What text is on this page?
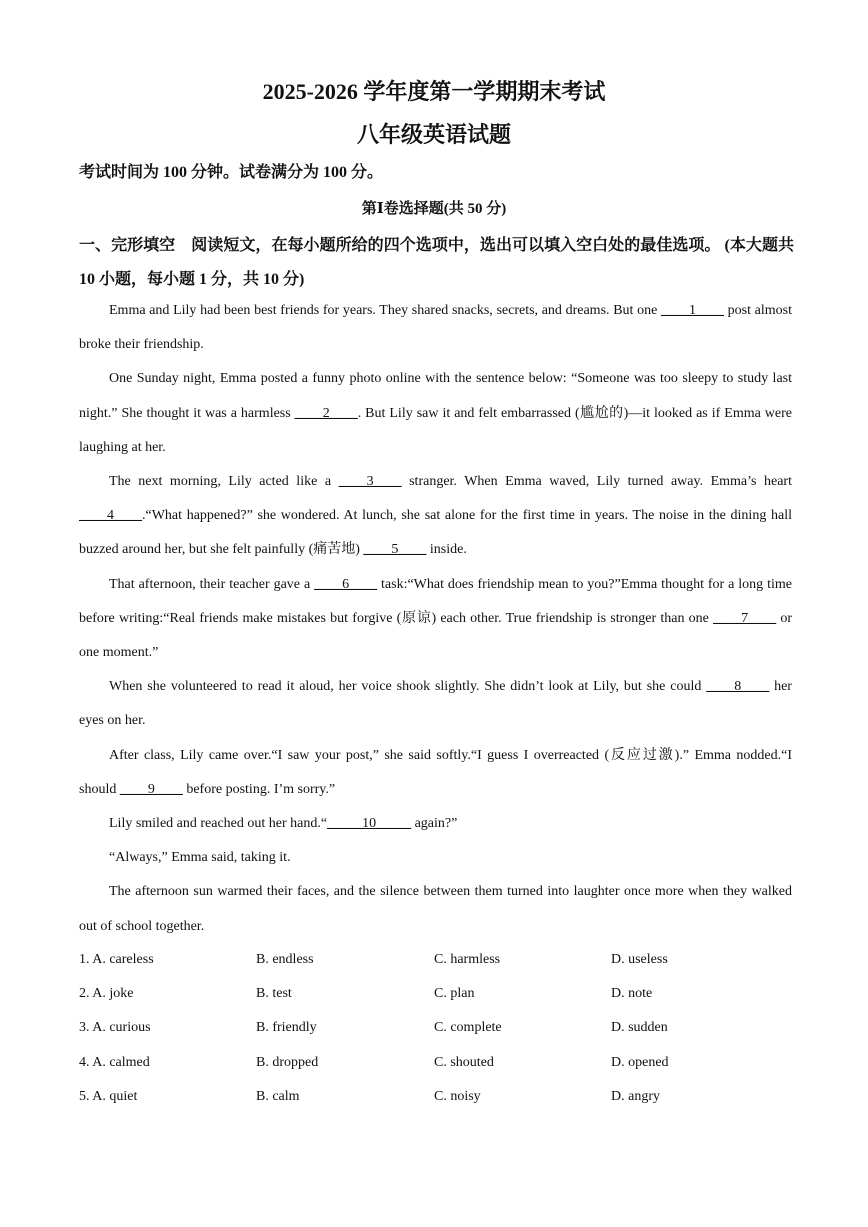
2025-2026 学年度第一学期期末考试
八年级英语试题
考试时间为 100 分钟。试卷满分为 100 分。
第Ⅰ卷选择题(共 50 分)
一、完形填空　阅读短文，在每小题所给的四个选项中，选出可以填入空白处的最佳选项。 (本大题共 10 小题，每小题 1 分，共 10 分)

Emma and Lily had been best friends for years. They shared snacks, secrets, and dreams. But one ____1____ post almost broke their friendship.

One Sunday night, Emma posted a funny photo online with the sentence below: “Someone was too sleepy to study last night.” She thought it was a harmless ____2____. But Lily saw it and felt embarrassed (尴尬的)—it looked as if Emma were laughing at her.

The next morning, Lily acted like a ____3____ stranger. When Emma waved, Lily turned away. Emma’s heart ____4____.“What happened?” she wondered. At lunch, she sat alone for the first time in years. The noise in the dining hall buzzed around her, but she felt painfully (痛苦地) ____5____ inside.

That afternoon, their teacher gave a ____6____ task:“What does friendship mean to you?”Emma thought for a long time before writing:“Real friends make mistakes but forgive (原谅) each other. True friendship is stronger than one ____7____ or one moment.”

When she volunteered to read it aloud, her voice shook slightly. She didn’t look at Lily, but she could ____8____ her eyes on her.

After class, Lily came over.“I saw your post,” she said softly.“I guess I overreacted (反应过激).” Emma nodded.“I should ____9____ before posting. I’m sorry.”

Lily smiled and reached out her hand.“_____10_____ again?”

“Always,” Emma said, taking it.

The afternoon sun warmed their faces, and the silence between them turned into laughter once more when they walked out of school together.

1. A. careless	B. endless	C. harmless	D. useless
2. A. joke	B. test	C. plan	D. note
3. A. curious	B. friendly	C. complete	D. sudden
4. A. calmed	B. dropped	C. shouted	D. opened
5. A. quiet	B. calm	C. noisy	D. angry
